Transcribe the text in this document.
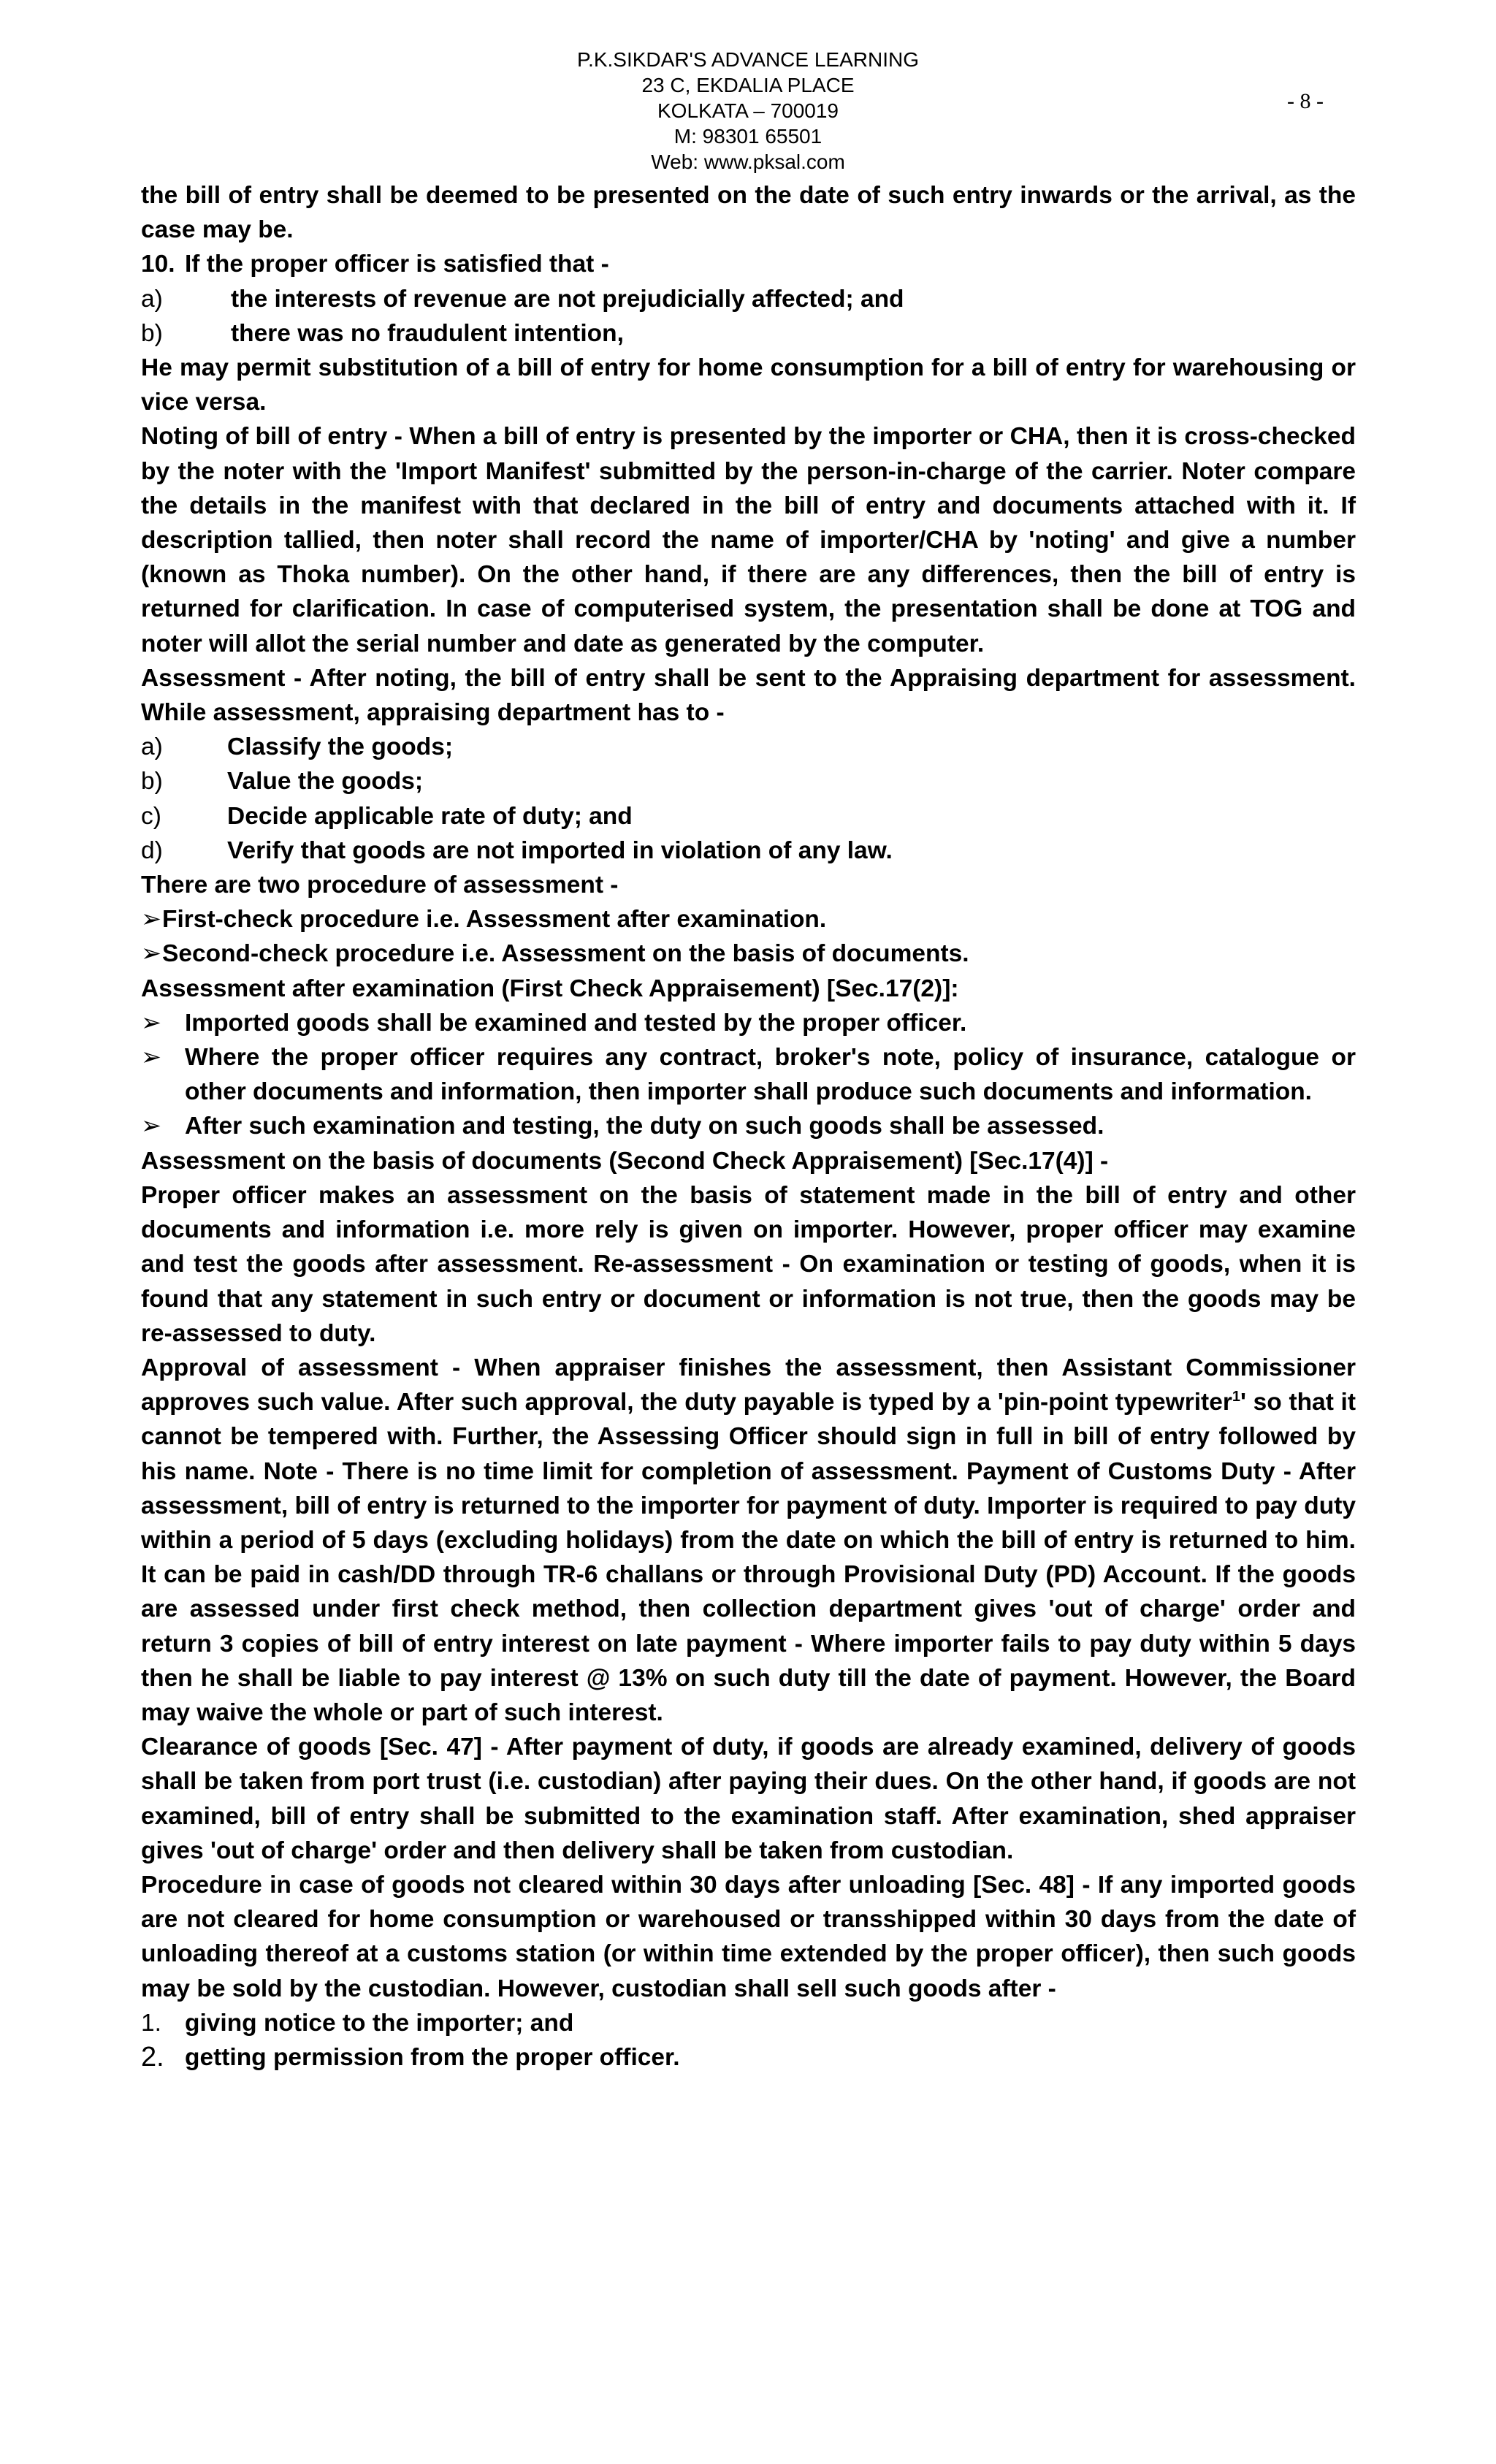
P.K.SIKDAR'S ADVANCE LEARNING
23 C, EKDALIA PLACE
KOLKATA – 700019
M: 98301 65501
Web: www.pksal.com
- 8 -

the bill of entry shall be deemed to be presented on the date of such entry inwards or the arrival, as the case may be.

10. If the proper officer is satisfied that -
a)	the interests of revenue are not prejudicially affected; and
b)	there was no fraudulent intention,

He may permit substitution of a bill of entry for home consumption for a bill of entry for warehousing or vice versa.

Noting of bill of entry - When a bill of entry is presented by the importer or CHA, then it is cross-checked by the noter with the 'Import Manifest' submitted by the person-in-charge of the carrier. Noter compare the details in the manifest with that declared in the bill of entry and documents attached with it. If description tallied, then noter shall record the name of importer/CHA by 'noting' and give a number (known as Thoka number). On the other hand, if there are any differences, then the bill of entry is returned for clarification. In case of computerised system, the presentation shall be done at TOG and noter will allot the serial number and date as generated by the computer.

Assessment - After noting, the bill of entry shall be sent to the Appraising department for assessment. While assessment, appraising department has to -

a)	Classify the goods;
b)	Value the goods;
c)	Decide applicable rate of duty; and
d)	Verify that goods are not imported in violation of any law.

There are two procedure of assessment -

➢ First-check procedure i.e. Assessment after examination.
➢ Second-check procedure i.e. Assessment on the basis of documents.

Assessment after examination (First Check Appraisement) [Sec.17(2)]:

➢ Imported goods shall be examined and tested by the proper officer.
➢ Where the proper officer requires any contract, broker's note, policy of insurance, catalogue or other documents and information, then importer shall produce such documents and information.
➢ After such examination and testing, the duty on such goods shall be assessed.

Assessment on the basis of documents (Second Check Appraisement) [Sec.17(4)] -

Proper officer makes an assessment on the basis of statement made in the bill of entry and other documents and information i.e. more rely is given on importer. However, proper officer may examine and test the goods after assessment. Re-assessment - On examination or testing of goods, when it is found that any statement in such entry or document or information is not true, then the goods may be re-assessed to duty.

Approval of assessment - When appraiser finishes the assessment, then Assistant Commissioner approves such value. After such approval, the duty payable is typed by a 'pin-point typewriter$^1$' so that it cannot be tempered with. Further, the Assessing Officer should sign in full in bill of entry followed by his name. Note - There is no time limit for completion of assessment. Payment of Customs Duty - After assessment, bill of entry is returned to the importer for payment of duty. Importer is required to pay duty within a period of 5 days (excluding holidays) from the date on which the bill of entry is returned to him. It can be paid in cash/DD through TR-6 challans or through Provisional Duty (PD) Account. If the goods are assessed under first check method, then collection department gives 'out of charge' order and return 3 copies of bill of entry interest on late payment - Where importer fails to pay duty within 5 days then he shall be liable to pay interest @ 13% on such duty till the date of payment. However, the Board may waive the whole or part of such interest.

Clearance of goods [Sec. 47] - After payment of duty, if goods are already examined, delivery of goods shall be taken from port trust (i.e. custodian) after paying their dues. On the other hand, if goods are not examined, bill of entry shall be submitted to the examination staff. After examination, shed appraiser gives 'out of charge' order and then delivery shall be taken from custodian.

Procedure in case of goods not cleared within 30 days after unloading [Sec. 48] - If any imported goods are not cleared for home consumption or warehoused or transshipped within 30 days from the date of unloading thereof at a customs station (or within time extended by the proper officer), then such goods may be sold by the custodian. However, custodian shall sell such goods after -

1. giving notice to the importer; and
2. getting permission from the proper officer.
